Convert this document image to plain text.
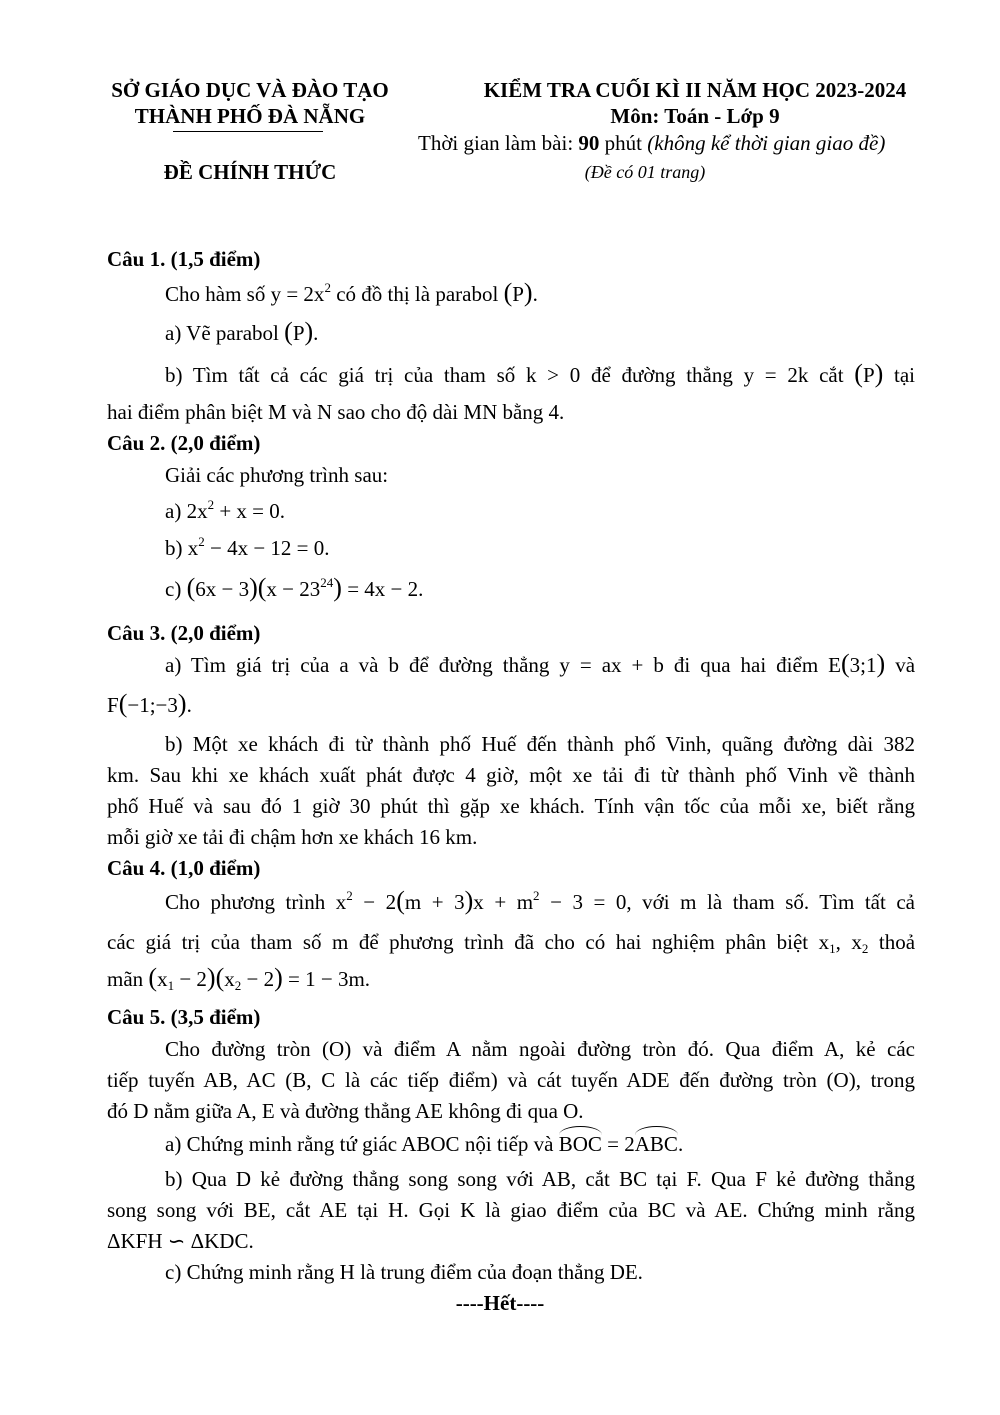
SỞ GIÁO DỤC VÀ ĐÀO TẠO
THÀNH PHỐ ĐÀ NẴNG
ĐỀ CHÍNH THỨC
KIỂM TRA CUỐI KÌ II NĂM HỌC 2023-2024
Môn: Toán - Lớp 9
Thời gian làm bài: 90 phút (không kể thời gian giao đề)
(Đề có 01 trang)
Câu 1. (1,5 điểm)
Cho hàm số $y = 2x^2$ có đồ thị là parabol (P).
a) Vẽ parabol (P).
b) Tìm tất cả các giá trị của tham số k > 0 để đường thẳng y = 2k cắt (P) tại
hai điểm phân biệt M và N sao cho độ dài MN bằng 4.
Câu 2. (2,0 điểm)
Giải các phương trình sau:
a) $2x^2 + x = 0$.
b) $x^2 - 4x - 12 = 0$.
c) $(6x - 3)(x - 23^{24}) = 4x - 2$.
Câu 3. (2,0 điểm)
a) Tìm giá trị của a và b để đường thẳng y = ax + b đi qua hai điểm E(3;1) và
F(−1;−3).
b) Một xe khách đi từ thành phố Huế đến thành phố Vinh, quãng đường dài 382
km. Sau khi xe khách xuất phát được 4 giờ, một xe tải đi từ thành phố Vinh về thành
phố Huế và sau đó 1 giờ 30 phút thì gặp xe khách. Tính vận tốc của mỗi xe, biết rằng
mỗi giờ xe tải đi chậm hơn xe khách 16 km.
Câu 4. (1,0 điểm)
Cho phương trình $x^2 - 2(m + 3)x + m^2 - 3 = 0$, với m là tham số. Tìm tất cả
các giá trị của tham số m để phương trình đã cho có hai nghiệm phân biệt $x_1$, $x_2$ thoả
mãn $(x_1 - 2)(x_2 - 2) = 1 - 3m$.
Câu 5. (3,5 điểm)
Cho đường tròn (O) và điểm A nằm ngoài đường tròn đó. Qua điểm A, kẻ các
tiếp tuyến AB, AC (B, C là các tiếp điểm) và cát tuyến ADE đến đường tròn (O), trong
đó D nằm giữa A, E và đường thẳng AE không đi qua O.
a) Chứng minh rằng tứ giác ABOC nội tiếp và BOC = 2ABC.
b) Qua D kẻ đường thẳng song song với AB, cắt BC tại F. Qua F kẻ đường thẳng
song song với BE, cắt AE tại H. Gọi K là giao điểm của BC và AE. Chứng minh rằng
ΔKFH ∽ ΔKDC.
c) Chứng minh rằng H là trung điểm của đoạn thẳng DE.
----Hết----
